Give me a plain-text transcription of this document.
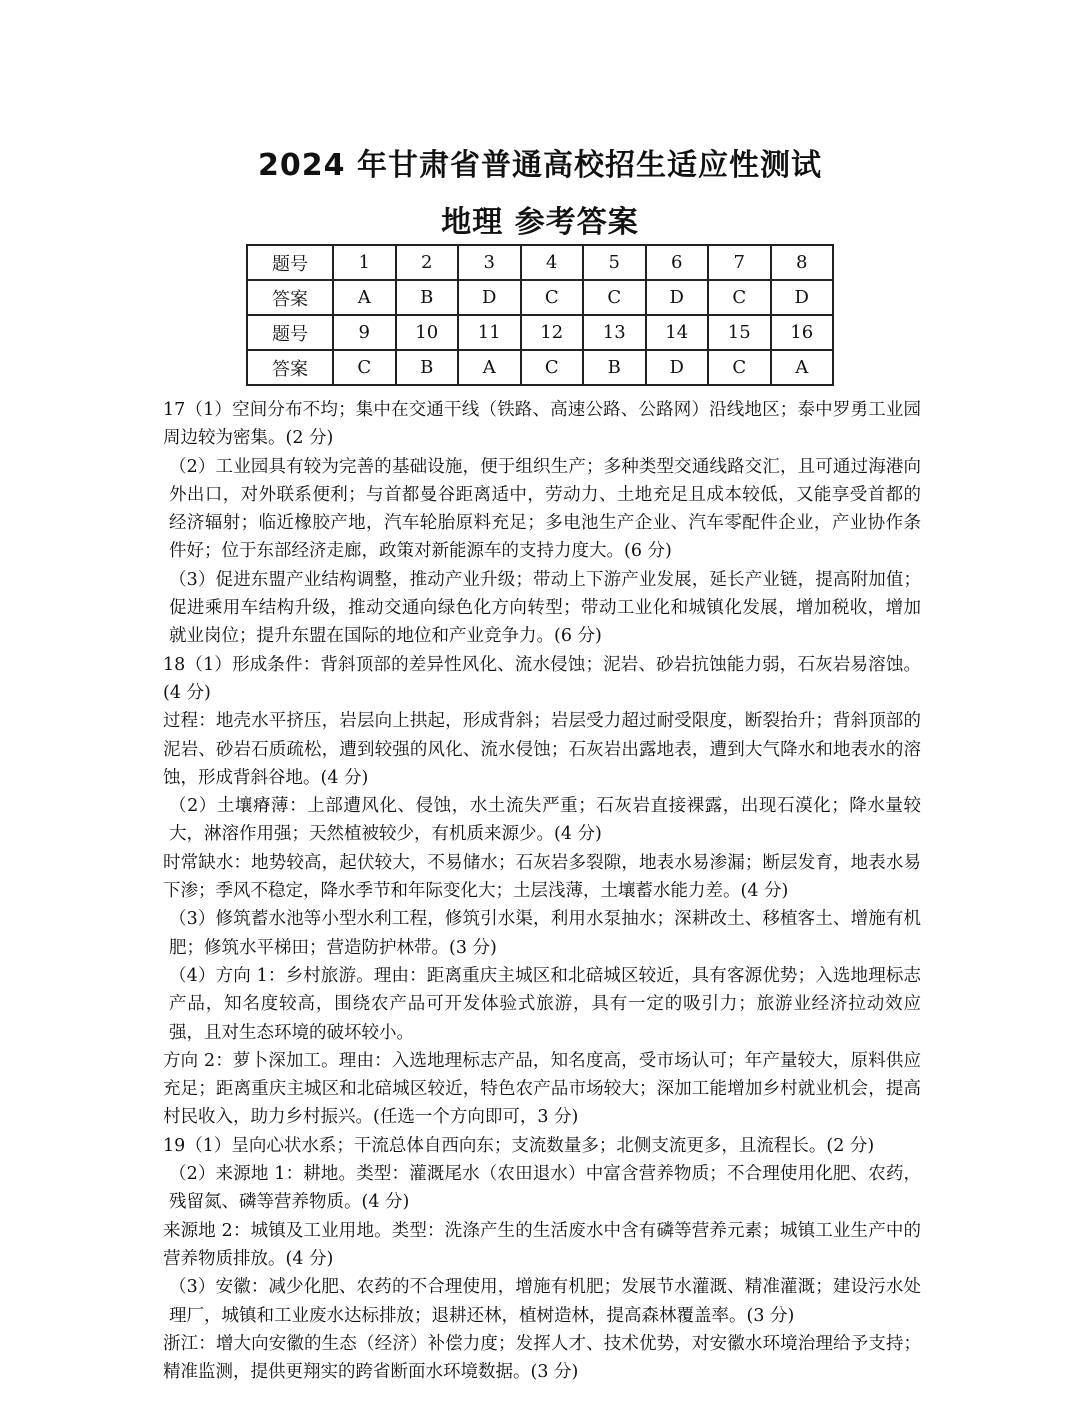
2024 年甘肃省普通高校招生适应性测试
地理 参考答案
题号	1	2	3	4	5	6	7	8
答案	A	B	D	C	C	D	C	D
题号	9	10	11	12	13	14	15	16
答案	C	B	A	C	B	D	C	A

17（1）空间分布不均；集中在交通干线（铁路、高速公路、公路网）沿线地区；泰中罗勇工业园周边较为密集。(2 分)

（2）工业园具有较为完善的基础设施，便于组织生产；多种类型交通线路交汇，且可通过海港向外出口，对外联系便利；与首都曼谷距离适中，劳动力、土地充足且成本较低，又能享受首都的经济辐射；临近橡胶产地，汽车轮胎原料充足；多电池生产企业、汽车零配件企业，产业协作条件好；位于东部经济走廊，政策对新能源车的支持力度大。(6 分)

（3）促进东盟产业结构调整，推动产业升级；带动上下游产业发展，延长产业链，提高附加值；促进乘用车结构升级，推动交通向绿色化方向转型；带动工业化和城镇化发展，增加税收，增加就业岗位；提升东盟在国际的地位和产业竞争力。(6 分)

18（1）形成条件：背斜顶部的差异性风化、流水侵蚀；泥岩、砂岩抗蚀能力弱，石灰岩易溶蚀。(4 分)

过程：地壳水平挤压，岩层向上拱起，形成背斜；岩层受力超过耐受限度，断裂抬升；背斜顶部的泥岩、砂岩石质疏松，遭到较强的风化、流水侵蚀；石灰岩出露地表，遭到大气降水和地表水的溶蚀，形成背斜谷地。(4 分)

（2）土壤瘠薄：上部遭风化、侵蚀，水土流失严重；石灰岩直接裸露，出现石漠化；降水量较大，淋溶作用强；天然植被较少，有机质来源少。(4 分)

时常缺水：地势较高，起伏较大，不易储水；石灰岩多裂隙，地表水易渗漏；断层发育，地表水易下渗；季风不稳定，降水季节和年际变化大；土层浅薄，土壤蓄水能力差。(4 分)

（3）修筑蓄水池等小型水利工程，修筑引水渠，利用水泵抽水；深耕改土、移植客土、增施有机肥；修筑水平梯田；营造防护林带。(3 分)

（4）方向 1：乡村旅游。理由：距离重庆主城区和北碚城区较近，具有客源优势；入选地理标志产品，知名度较高，围绕农产品可开发体验式旅游，具有一定的吸引力；旅游业经济拉动效应强，且对生态环境的破坏较小。

方向 2：萝卜深加工。理由：入选地理标志产品，知名度高，受市场认可；年产量较大，原料供应充足；距离重庆主城区和北碚城区较近，特色农产品市场较大；深加工能增加乡村就业机会，提高村民收入，助力乡村振兴。(任选一个方向即可，3 分)

19（1）呈向心状水系；干流总体自西向东；支流数量多；北侧支流更多，且流程长。(2 分)

（2）来源地 1：耕地。类型：灌溉尾水（农田退水）中富含营养物质；不合理使用化肥、农药，残留氮、磷等营养物质。(4 分)

来源地 2：城镇及工业用地。类型：洗涤产生的生活废水中含有磷等营养元素；城镇工业生产中的营养物质排放。(4 分)

（3）安徽：减少化肥、农药的不合理使用，增施有机肥；发展节水灌溉、精准灌溉；建设污水处理厂，城镇和工业废水达标排放；退耕还林，植树造林，提高森林覆盖率。(3 分)

浙江：增大向安徽的生态（经济）补偿力度；发挥人才、技术优势，对安徽水环境治理给予支持；精准监测，提供更翔实的跨省断面水环境数据。(3 分)
